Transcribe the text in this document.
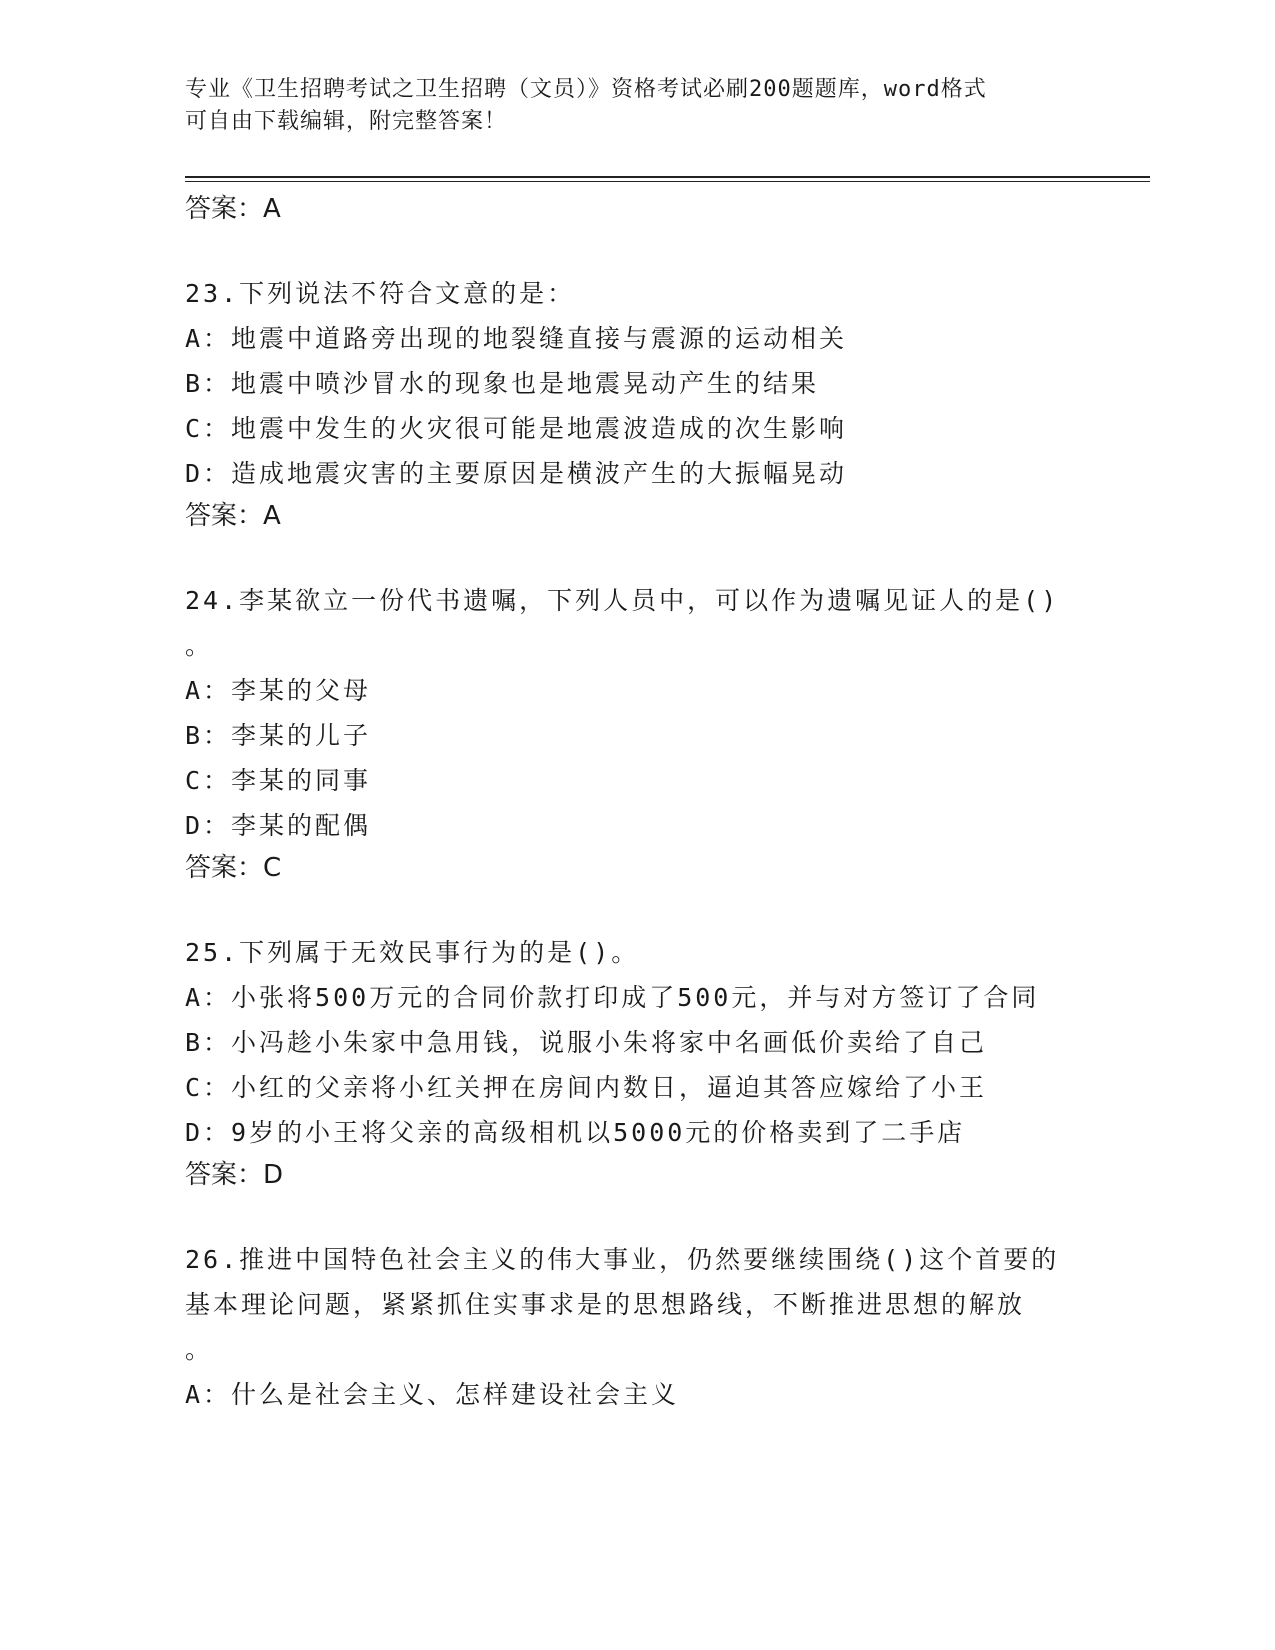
专业《卫生招聘考试之卫生招聘（文员）》资格考试必刷200题题库，word格式
可自由下载编辑，附完整答案！
答案：A
23.下列说法不符合文意的是：
A：地震中道路旁出现的地裂缝直接与震源的运动相关
B：地震中喷沙冒水的现象也是地震晃动产生的结果
C：地震中发生的火灾很可能是地震波造成的次生影响
D：造成地震灾害的主要原因是横波产生的大振幅晃动
答案：A
24.李某欲立一份代书遗嘱，下列人员中，可以作为遗嘱见证人的是()
。
A：李某的父母
B：李某的儿子
C：李某的同事
D：李某的配偶
答案：C
25.下列属于无效民事行为的是()。
A：小张将500万元的合同价款打印成了500元，并与对方签订了合同
B：小冯趁小朱家中急用钱，说服小朱将家中名画低价卖给了自己
C：小红的父亲将小红关押在房间内数日，逼迫其答应嫁给了小王
D：9岁的小王将父亲的高级相机以5000元的价格卖到了二手店
答案：D
26.推进中国特色社会主义的伟大事业，仍然要继续围绕()这个首要的
基本理论问题，紧紧抓住实事求是的思想路线，不断推进思想的解放
。
A：什么是社会主义、怎样建设社会主义
